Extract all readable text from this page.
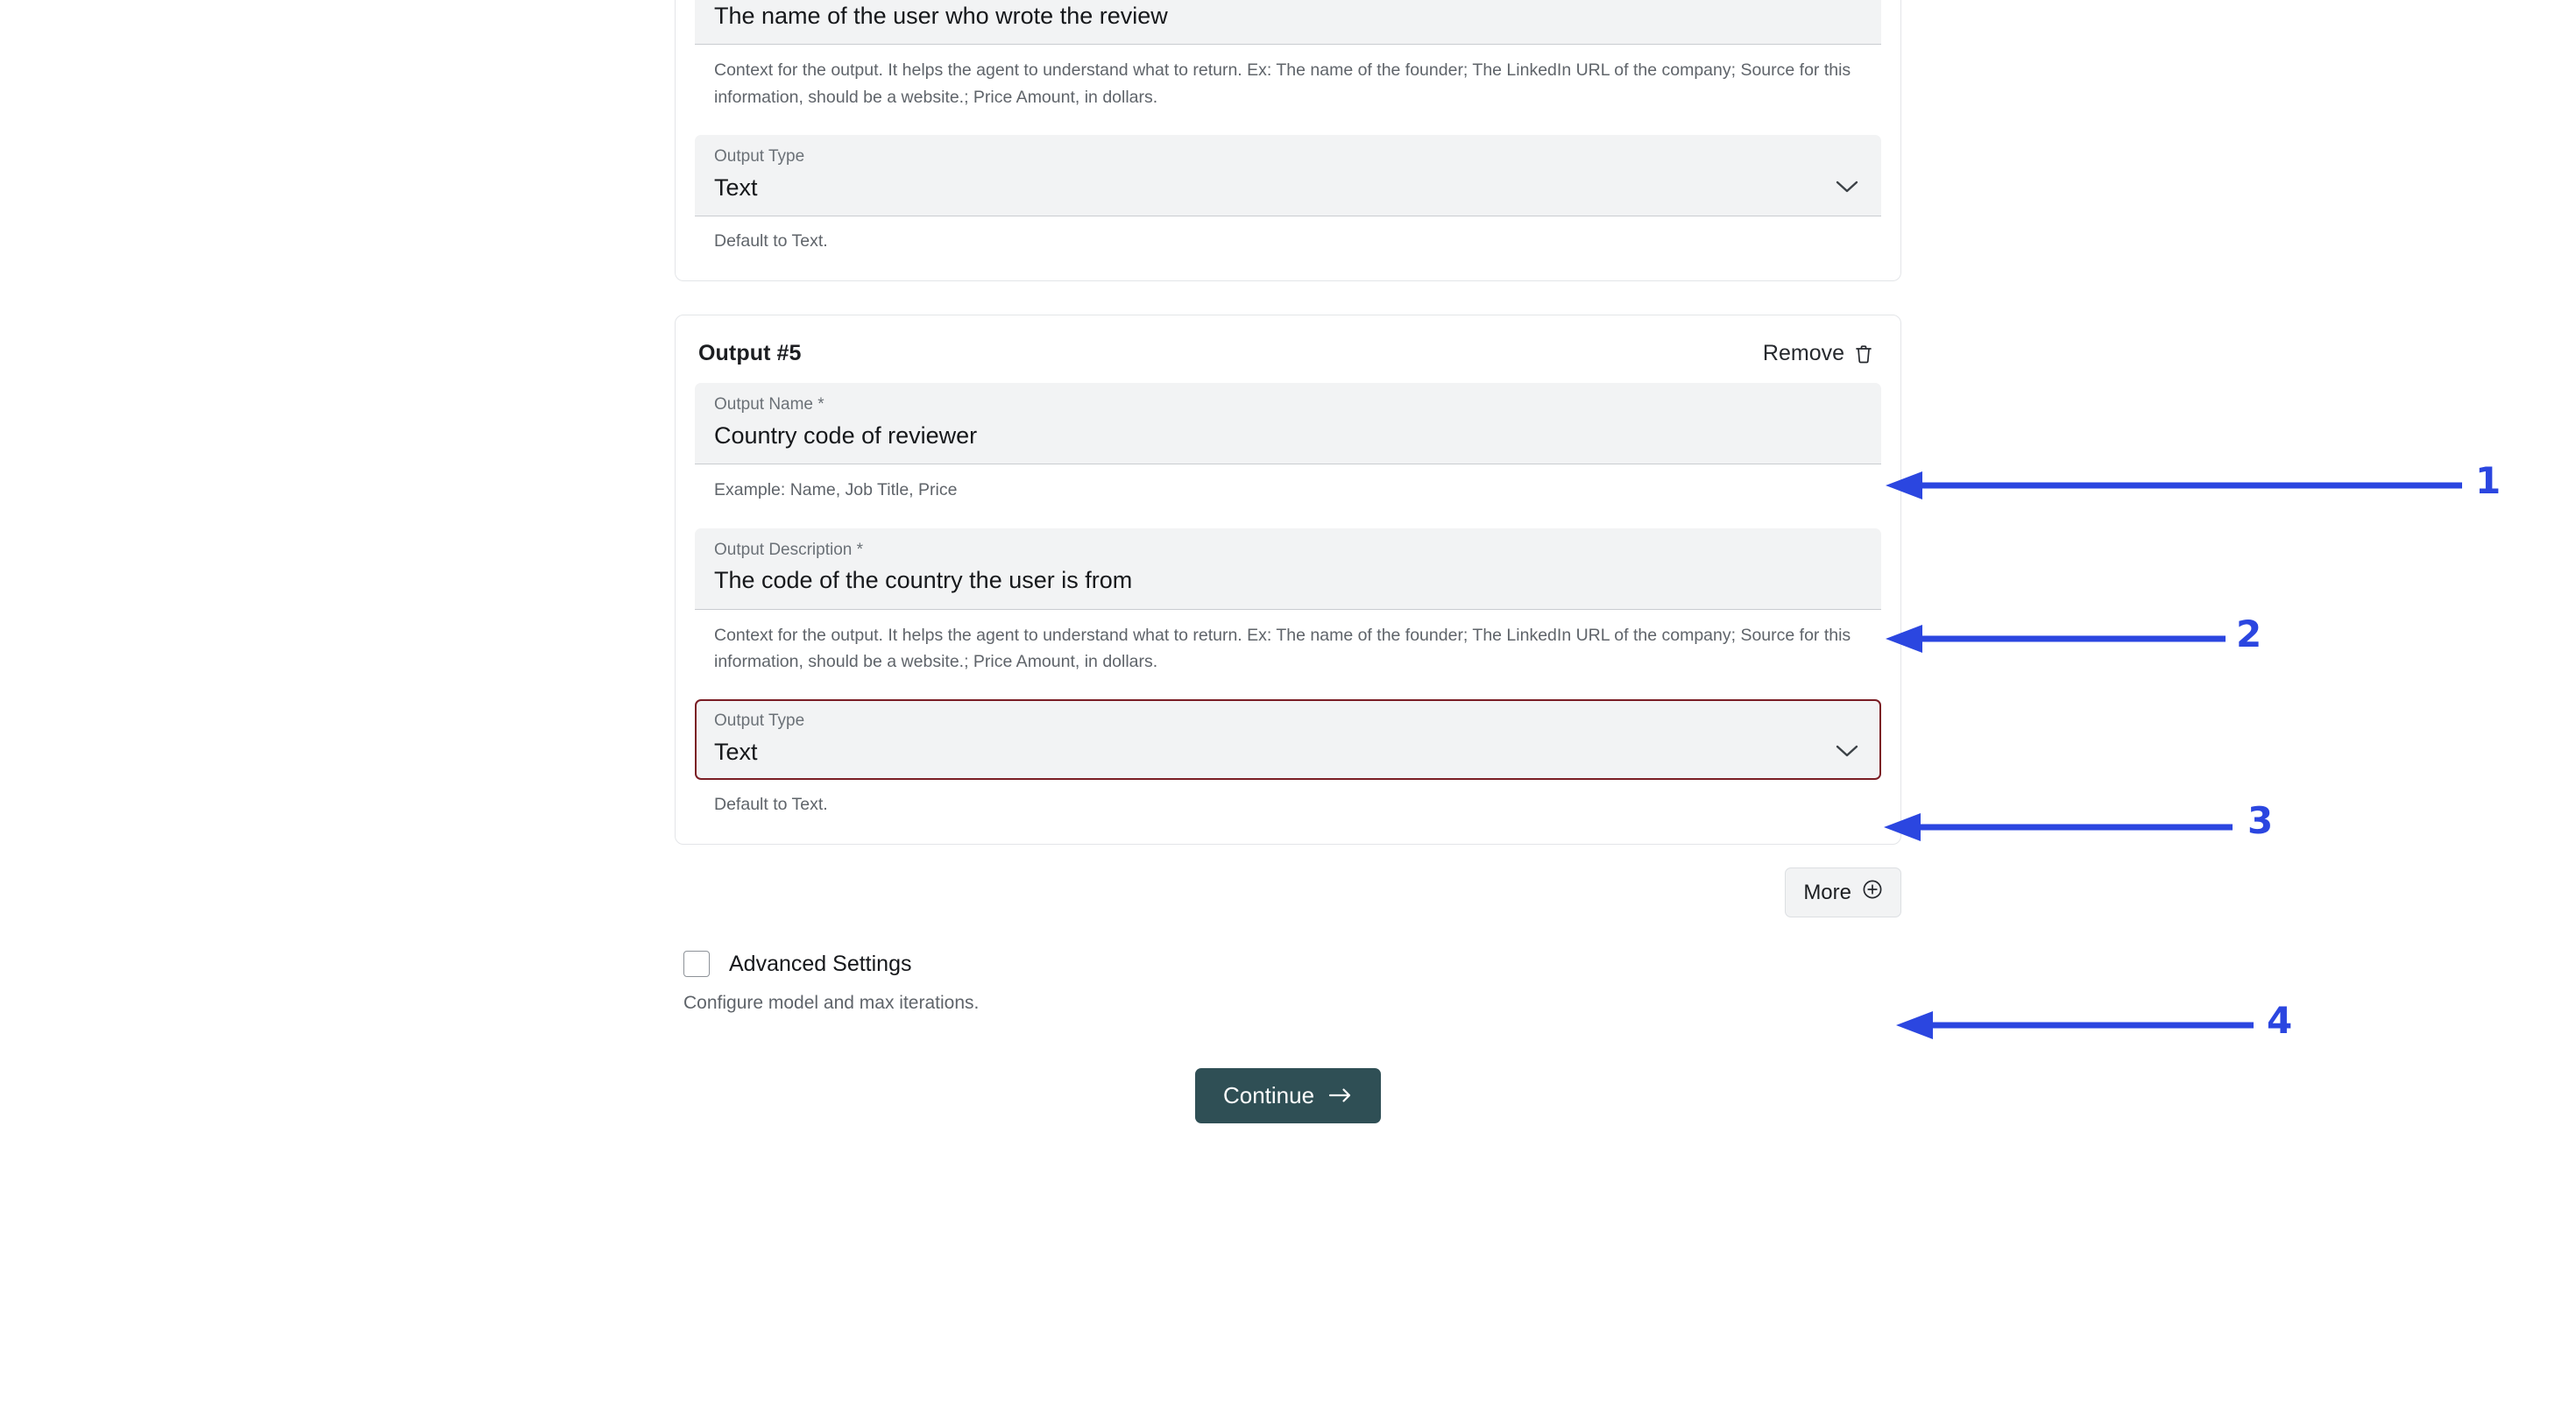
The name of the user who wrote the review
Context for the output. It helps the agent to understand what to return. Ex: The name of the founder; The LinkedIn URL of the company; Source for this information, should be a website.; Price Amount, in dollars.
Output Type
Text
Default to Text.
Output #5	Remove
Output Name *
Country code of reviewer
Example: Name, Job Title, Price
Output Description *
The code of the country the user is from
Context for the output. It helps the agent to understand what to return. Ex: The name of the founder; The LinkedIn URL of the company; Source for this information, should be a website.; Price Amount, in dollars.
Output Type
Text
Default to Text.
More
Advanced Settings
Configure model and max iterations.
Continue
1
2
3
4
